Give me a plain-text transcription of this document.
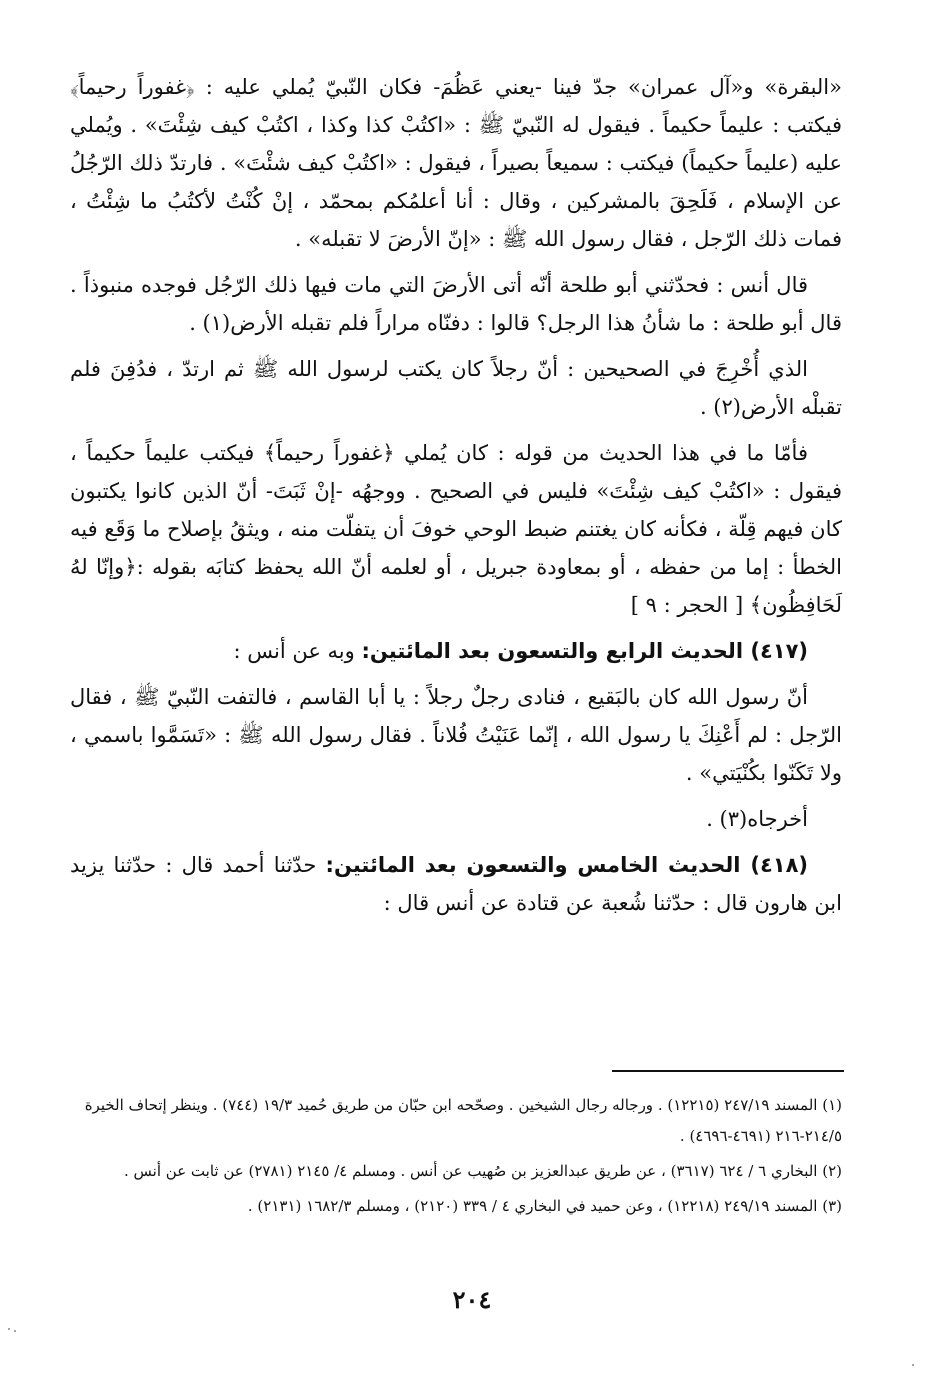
«البقرة» و«آل عمران» جدّ فينا -يعني عَظُمَ- فكان النّبيّ يُملي عليه : ﴿غفوراً رحيماً﴾ فيكتب : عليماً حكيماً . فيقول له النّبيّ ﷺ : «اكتُبْ كذا وكذا ، اكتُبْ كيف شِئْتَ» . ويُملي عليه (عليماً حكيماً) فيكتب : سميعاً بصيراً ، فيقول : «اكتُبْ كيف شئْتَ» . فارتدّ ذلك الرّجُلُ عن الإسلام ، فَلَحِقَ بالمشركين ، وقال : أنا أعلمُكم بمحمّد ، إنْ كُنْتُ لأكتُبُ ما شِئْتُ ، فمات ذلك الرّجل ، فقال رسول الله ﷺ : «إنّ الأرضَ لا تقبله» .

قال أنس : فحدّثني أبو طلحة أنّه أتى الأرضَ التي مات فيها ذلك الرّجُل فوجده منبوذاً . قال أبو طلحة : ما شأنُ هذا الرجل؟ قالوا : دفنّاه مراراً فلم تقبله الأرض(١) .

الذي أُخْرِجَ في الصحيحين : أنّ رجلاً كان يكتب لرسول الله ﷺ ثم ارتدّ ، فدُفِنَ فلم تقبلْه الأرض(٢) .

فأمّا ما في هذا الحديث من قوله : كان يُملي ﴿غفوراً رحيماً﴾ فيكتب عليماً حكيماً ، فيقول : «اكتُبْ كيف شِئْتَ» فليس في الصحيح . ووجهُه -إنْ ثَبَتَ- أنّ الذين كانوا يكتبون كان فيهم قِلّة ، فكأنه كان يغتنم ضبط الوحي خوفَ أن يتفلّت منه ، ويثقُ بإصلاح ما وَقَع فيه الخطأ : إما من حفظه ، أو بمعاودة جبريل ، أو لعلمه أنّ الله يحفظ كتابَه بقوله :﴿وإنّا لهُ لَحَافِظُون﴾ [ الحجر : ٩ ]

(٤١٧) الحديث الرابع والتسعون بعد المائتين: وبه عن أنس :

أنّ رسول الله كان بالبَقيع ، فنادى رجلٌ رجلاً : يا أبا القاسم ، فالتفت النّبيّ ﷺ ، فقال الرّجل : لم أَعْنِكَ يا رسول الله ، إنّما عَنَيْتُ فُلاناً . فقال رسول الله ﷺ : «تَسَمَّوا باسمي ، ولا تَكَنّوا بكُنْيَتي» .

أخرجاه(٣) .

(٤١٨) الحديث الخامس والتسعون بعد المائتين: حدّثنا أحمد قال : حدّثنا يزيد ابن هارون قال : حدّثنا شُعبة عن قتادة عن أنس قال :

(١) المسند ٢٤٧/١٩ (١٢٢١٥) . ورجاله رجال الشيخين . وصحّحه ابن حبّان من طريق حُميد ١٩/٣ (٧٤٤) . وينظر إتحاف الخيرة ٢١٤/٥-٢١٦ (٤٦٩١-٤٦٩٦) .

(٢) البخاري ٦ / ٦٢٤ (٣٦١٧) ، عن طريق عبدالعزيز بن صُهيب عن أنس . ومسلم ٤/ ٢١٤٥ (٢٧٨١) عن ثابت عن أنس .

(٣) المسند ٢٤٩/١٩ (١٢٢١٨) ، وعن حميد في البخاري ٤ / ٣٣٩ (٢١٢٠) ، ومسلم ١٦٨٢/٣ (٢١٣١) .

٢٠٤
